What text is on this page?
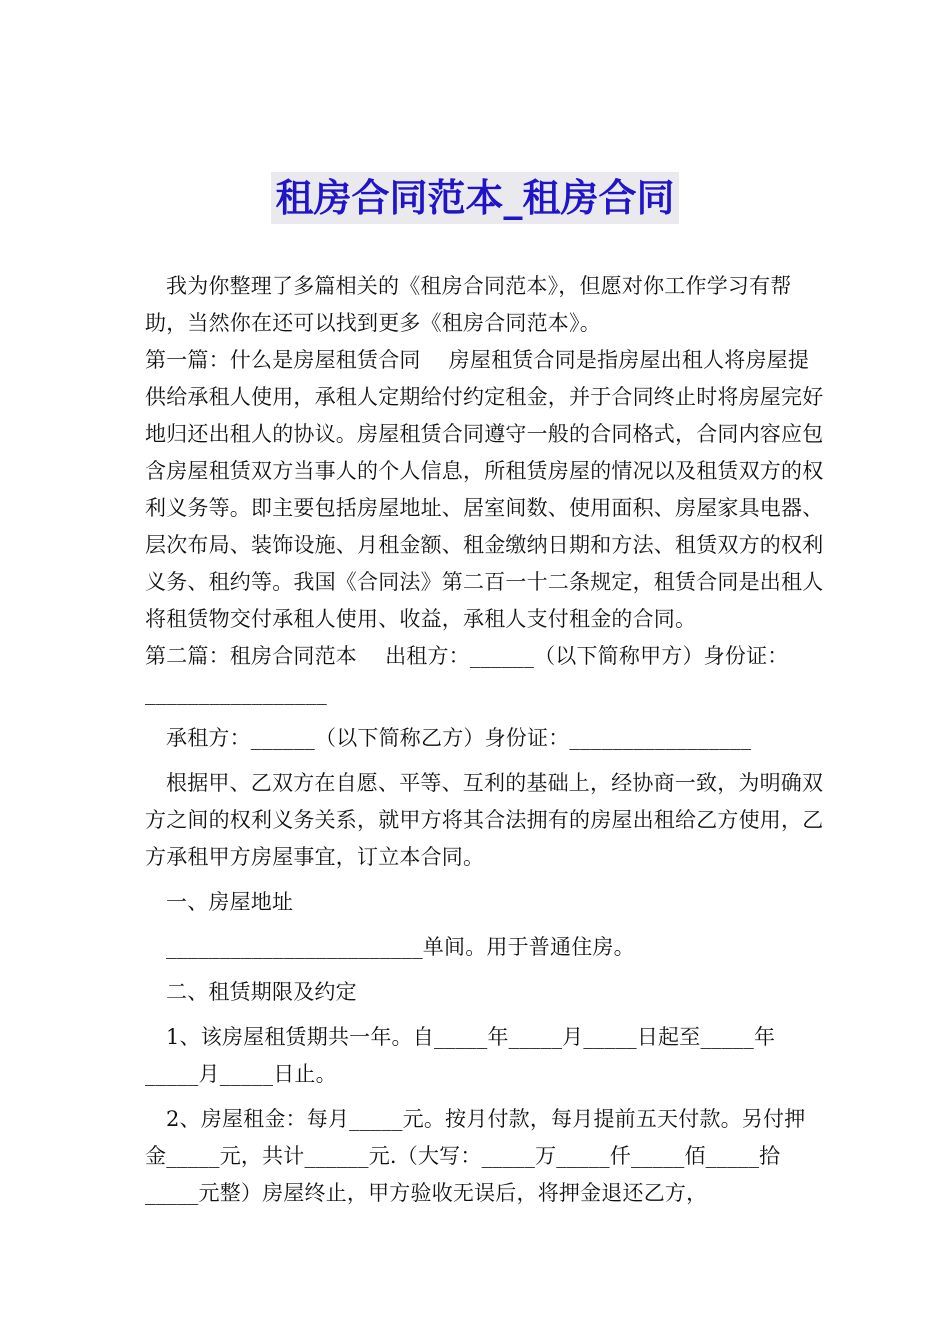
租房合同范本_租房合同

我为你整理了多篇相关的《租房合同范本》，但愿对你工作学习有帮助，当然你在还可以找到更多《租房合同范本》。

第一篇：什么是房屋租赁合同　 房屋租赁合同是指房屋出租人将房屋提供给承租人使用，承租人定期给付约定租金，并于合同终止时将房屋完好地归还出租人的协议。房屋租赁合同遵守一般的合同格式，合同内容应包含房屋租赁双方当事人的个人信息，所租赁房屋的情况以及租赁双方的权利义务等。即主要包括房屋地址、居室间数、使用面积、房屋家具电器、层次布局、装饰设施、月租金额、租金缴纳日期和方法、租赁双方的权利义务、租约等。我国《合同法》第二百一十二条规定，租赁合同是出租人将租赁物交付承租人使用、收益，承租人支付租金的合同。

第二篇：租房合同范本　 出租方：______（以下简称甲方）身份证：_________________

承租方：______（以下简称乙方）身份证：_________________

根据甲、乙双方在自愿、平等、互利的基础上，经协商一致，为明确双方之间的权利义务关系，就甲方将其合法拥有的房屋出租给乙方使用，乙方承租甲方房屋事宜，订立本合同。

一、房屋地址

________________________单间。用于普通住房。

二、租赁期限及约定

1、该房屋租赁期共一年。自_____年_____月_____日起至_____年_____月_____日止。

2、房屋租金：每月_____元。按月付款，每月提前五天付款。另付押金_____元，共计______元.（大写：_____万_____仟_____佰_____拾_____元整）房屋终止，甲方验收无误后，将押金退还乙方，
